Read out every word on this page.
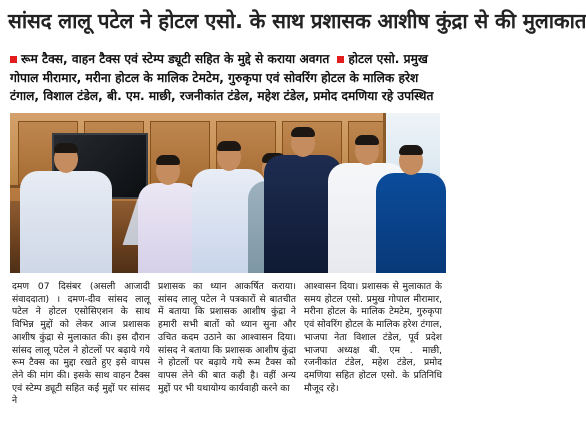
सांसद लालू पटेल ने होटल एसो. के साथ प्रशासक आशीष कुंद्रा से की मुलाकात
रूम टैक्स, वाहन टैक्स एवं स्टेम्प ड्यूटी सहित के मुद्दे से कराया अवगत होटल एसो. प्रमुख गोपाल मीरामार, मरीना होटल के मालिक टेमटेम, गुरुकृपा एवं सोवरिंग होटल के मालिक हरेश टंगाल, विशाल टंडेल, बी. एम. माछी, रजनीकांत टंडेल, महेश टंडेल, प्रमोद दमणिया रहे उपस्थित
दमण 07 दिसंबर (असली आजादी संवाददाता) । दमण-दीव सांसद लालू पटेल ने होटल एसोसिएशन के साथ विभिन्न मुद्दों को लेकर आज प्रशासक आशीष कुंद्रा से मुलाकात की। इस दौरान सांसद लालू पटेल ने होटलों पर बढ़ाये गये रूम टैक्स का मुद्दा रखते हुए इसे वापस लेने की मांग की। इसके साथ वाहन टैक्स एवं स्टेम्प ड्यूटी सहित कई मुद्दों पर सांसद ने
प्रशासक का ध्यान आकर्षित कराया। सांसद लालू पटेल ने पत्रकारों से बातचीत में बताया कि प्रशासक आशीष कुंद्रा ने हमारी सभी बातों को ध्यान सुना और उचित कदम उठाने का आश्वासन दिया। सांसद ने बताया कि प्रशासक आशीष कुंद्रा ने होटलों पर बढ़ाये गये रूम टैक्स को वापस लेने की बात कही है। वहीं अन्य मुद्दों पर भी यथायोग्य कार्यवाही करने का
आश्वासन दिया। प्रशासक से मुलाकात के समय होटल एसो. प्रमुख गोपाल मीरामार, मरीना होटल के मालिक टेमटेम, गुरुकृपा एवं सोवरिंग होटल के मालिक हरेश टंगाल, भाजपा नेता विशाल टंडेल, पूर्व प्रदेश भाजपा अध्यक्ष बी. एम . माछी, रजनीकांत टंडेल, महेश टंडेल, प्रमोद दमणिया सहित होटल एसो. के प्रतिनिधि मौजूद रहे।
